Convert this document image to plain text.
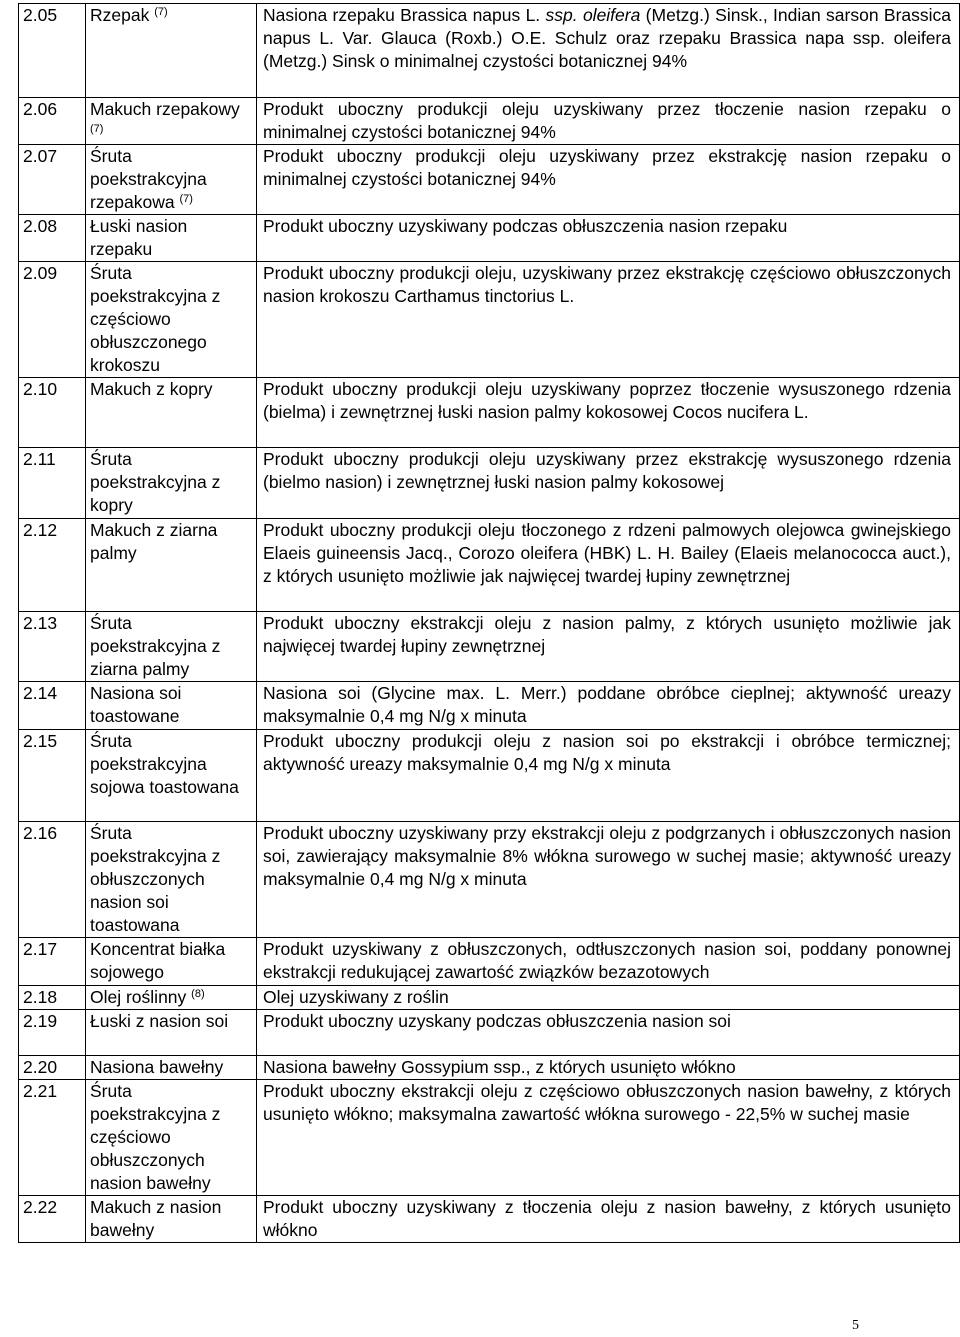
2.05	Rzepak $^{(7)}$	Nasiona rzepaku Brassica napus L. ssp. oleifera (Metzg.) Sinsk., Indian sarson Brassica napus L. Var. Glauca (Roxb.) O.E. Schulz oraz rzepaku Brassica napa ssp. oleifera (Metzg.) Sinsk o minimalnej czystości botanicznej 94%
2.06	Makuch rzepakowy $^{(7)}$	Produkt uboczny produkcji oleju uzyskiwany przez tłoczenie nasion rzepaku o minimalnej czystości botanicznej 94%
2.07	Śruta poekstrakcyjna rzepakowa $^{(7)}$	Produkt uboczny produkcji oleju uzyskiwany przez ekstrakcję nasion rzepaku o minimalnej czystości botanicznej 94%
2.08	Łuski nasion rzepaku	Produkt uboczny uzyskiwany podczas obłuszczenia nasion rzepaku
2.09	Śruta poekstrakcyjna z częściowo obłuszczonego krokoszu	Produkt uboczny produkcji oleju, uzyskiwany przez ekstrakcję częściowo obłuszczonych nasion krokoszu Carthamus tinctorius L.
2.10	Makuch z kopry	Produkt uboczny produkcji oleju uzyskiwany poprzez tłoczenie wysuszonego rdzenia (bielma) i zewnętrznej łuski nasion palmy kokosowej Cocos nucifera L.
2.11	Śruta poekstrakcyjna z kopry	Produkt uboczny produkcji oleju uzyskiwany przez ekstrakcję wysuszonego rdzenia (bielmo nasion) i zewnętrznej łuski nasion palmy kokosowej
2.12	Makuch z ziarna palmy	Produkt uboczny produkcji oleju tłoczonego z rdzeni palmowych olejowca gwinejskiego Elaeis guineensis Jacq., Corozo oleifera (HBK) L. H. Bailey (Elaeis melanococca auct.), z których usunięto możliwie jak najwięcej twardej łupiny zewnętrznej
2.13	Śruta poekstrakcyjna z ziarna palmy	Produkt uboczny ekstrakcji oleju z nasion palmy, z których usunięto możliwie jak najwięcej twardej łupiny zewnętrznej
2.14	Nasiona soi toastowane	Nasiona soi (Glycine max. L. Merr.) poddane obróbce cieplnej; aktywność ureazy maksymalnie 0,4 mg N/g x minuta
2.15	Śruta poekstrakcyjna sojowa toastowana	Produkt uboczny produkcji oleju z nasion soi po ekstrakcji i obróbce termicznej; aktywność ureazy maksymalnie 0,4 mg N/g x minuta
2.16	Śruta poekstrakcyjna z obłuszczonych nasion soi toastowana	Produkt uboczny uzyskiwany przy ekstrakcji oleju z podgrzanych i obłuszczonych nasion soi, zawierający maksymalnie 8% włókna surowego w suchej masie; aktywność ureazy maksymalnie 0,4 mg N/g x minuta
2.17	Koncentrat białka sojowego	Produkt uzyskiwany z obłuszczonych, odtłuszczonych nasion soi, poddany ponownej ekstrakcji redukującej zawartość związków bezazotowych
2.18	Olej roślinny $^{(8)}$	Olej uzyskiwany z roślin
2.19	Łuski z nasion soi	Produkt uboczny uzyskany podczas obłuszczenia nasion soi
2.20	Nasiona bawełny	Nasiona bawełny Gossypium ssp., z których usunięto włókno
2.21	Śruta poekstrakcyjna z częściowo obłuszczonych nasion bawełny	Produkt uboczny ekstrakcji oleju z częściowo obłuszczonych nasion bawełny, z których usunięto włókno; maksymalna zawartość włókna surowego - 22,5% w suchej masie
2.22	Makuch z nasion bawełny	Produkt uboczny uzyskiwany z tłoczenia oleju z nasion bawełny, z których usunięto włókno
5
